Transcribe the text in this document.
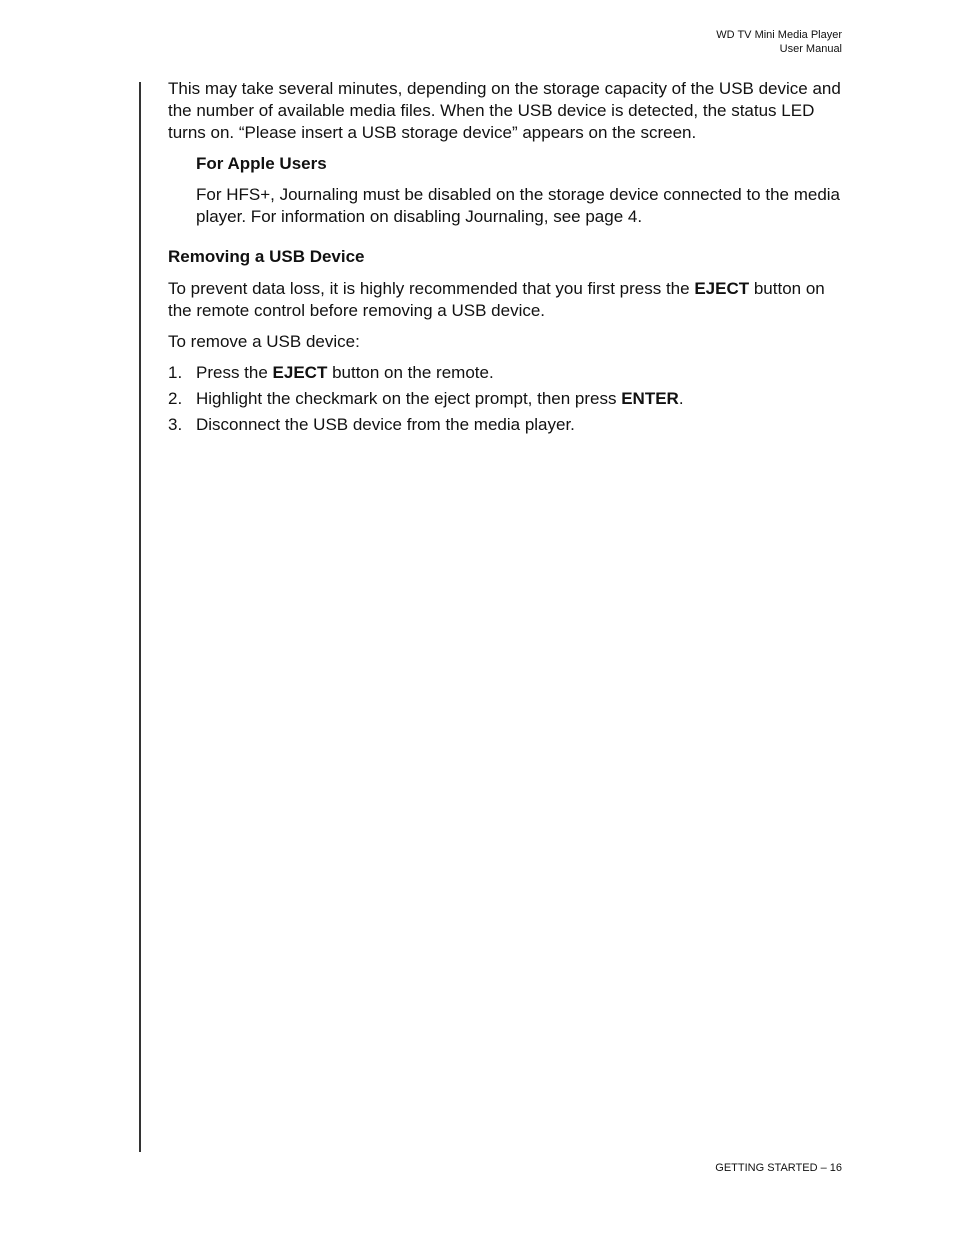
WD TV Mini Media Player
User Manual

This may take several minutes, depending on the storage capacity of the USB device and the number of available media files. When the USB device is detected, the status LED turns on. “Please insert a USB storage device” appears on the screen.

For Apple Users

For HFS+, Journaling must be disabled on the storage device connected to the media player. For information on disabling Journaling, see page 4.

Removing a USB Device

To prevent data loss, it is highly recommended that you first press the EJECT button on the remote control before removing a USB device.

To remove a USB device:

1. Press the EJECT button on the remote.
2. Highlight the checkmark on the eject prompt, then press ENTER.
3. Disconnect the USB device from the media player.
GETTING STARTED – 16
